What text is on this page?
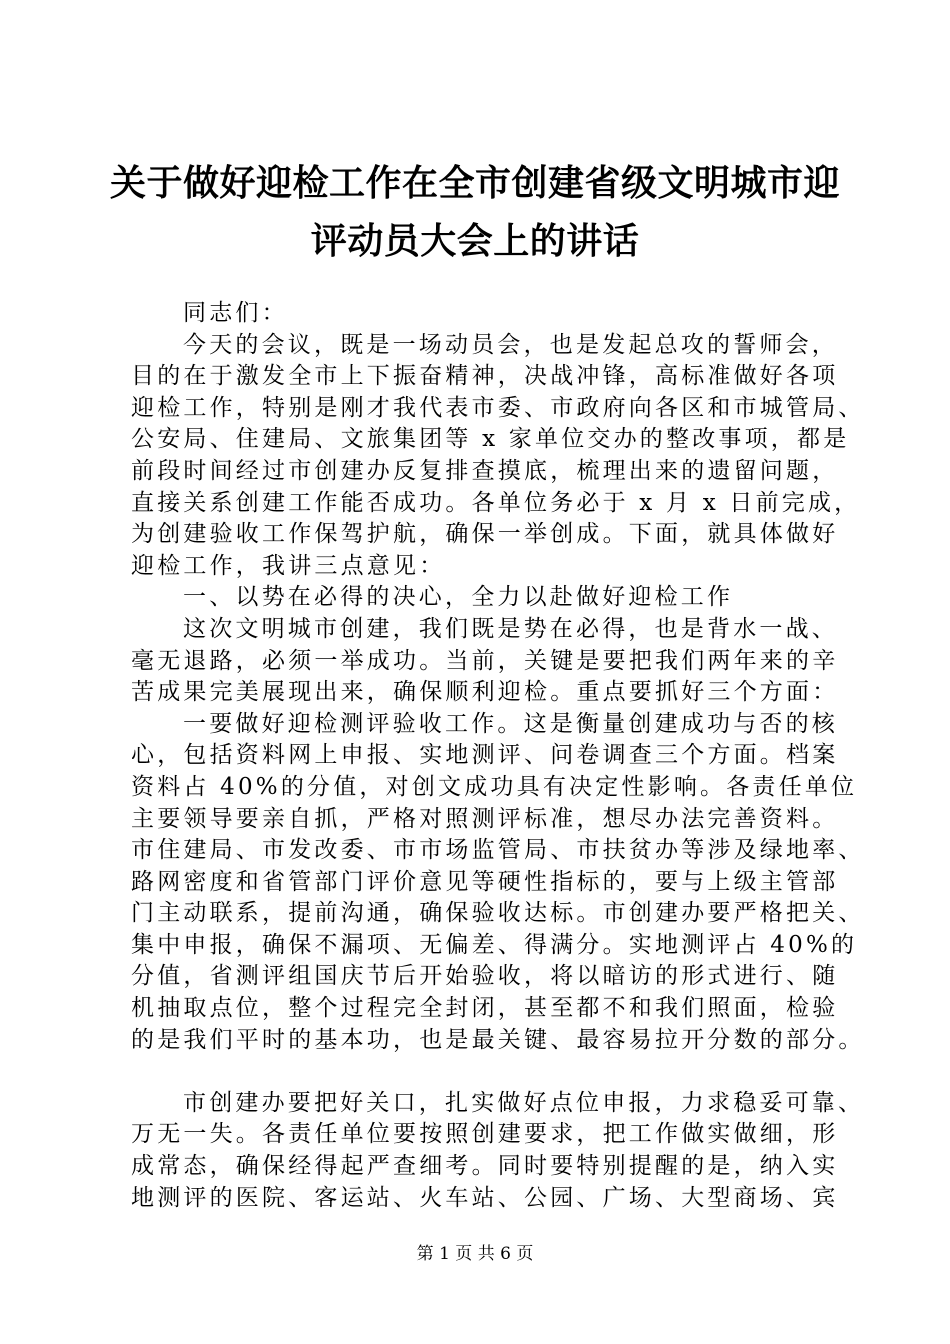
关于做好迎检工作在全市创建省级文明城市迎
评动员大会上的讲话
同志们：
今天的会议，既是一场动员会，也是发起总攻的誓师会，
目的在于激发全市上下振奋精神，决战冲锋，高标准做好各项
迎检工作，特别是刚才我代表市委、市政府向各区和市城管局、
公安局、住建局、文旅集团等 x 家单位交办的整改事项，都是
前段时间经过市创建办反复排查摸底，梳理出来的遗留问题，
直接关系创建工作能否成功。各单位务必于 x 月 x 日前完成，
为创建验收工作保驾护航，确保一举创成。下面，就具体做好
迎检工作，我讲三点意见：
一、以势在必得的决心，全力以赴做好迎检工作
这次文明城市创建，我们既是势在必得，也是背水一战、
毫无退路，必须一举成功。当前，关键是要把我们两年来的辛
苦成果完美展现出来，确保顺利迎检。重点要抓好三个方面：
一要做好迎检测评验收工作。这是衡量创建成功与否的核
心，包括资料网上申报、实地测评、问卷调查三个方面。档案
资料占 40%的分值，对创文成功具有决定性影响。各责任单位
主要领导要亲自抓，严格对照测评标准，想尽办法完善资料。
市住建局、市发改委、市市场监管局、市扶贫办等涉及绿地率、
路网密度和省管部门评价意见等硬性指标的，要与上级主管部
门主动联系，提前沟通，确保验收达标。市创建办要严格把关、
集中申报，确保不漏项、无偏差、得满分。实地测评占 40%的
分值，省测评组国庆节后开始验收，将以暗访的形式进行、随
机抽取点位，整个过程完全封闭，甚至都不和我们照面，检验
的是我们平时的基本功，也是最关键、最容易拉开分数的部分。
市创建办要把好关口，扎实做好点位申报，力求稳妥可靠、
万无一失。各责任单位要按照创建要求，把工作做实做细，形
成常态，确保经得起严查细考。同时要特别提醒的是，纳入实
地测评的医院、客运站、火车站、公园、广场、大型商场、宾
第 1 页 共 6 页
